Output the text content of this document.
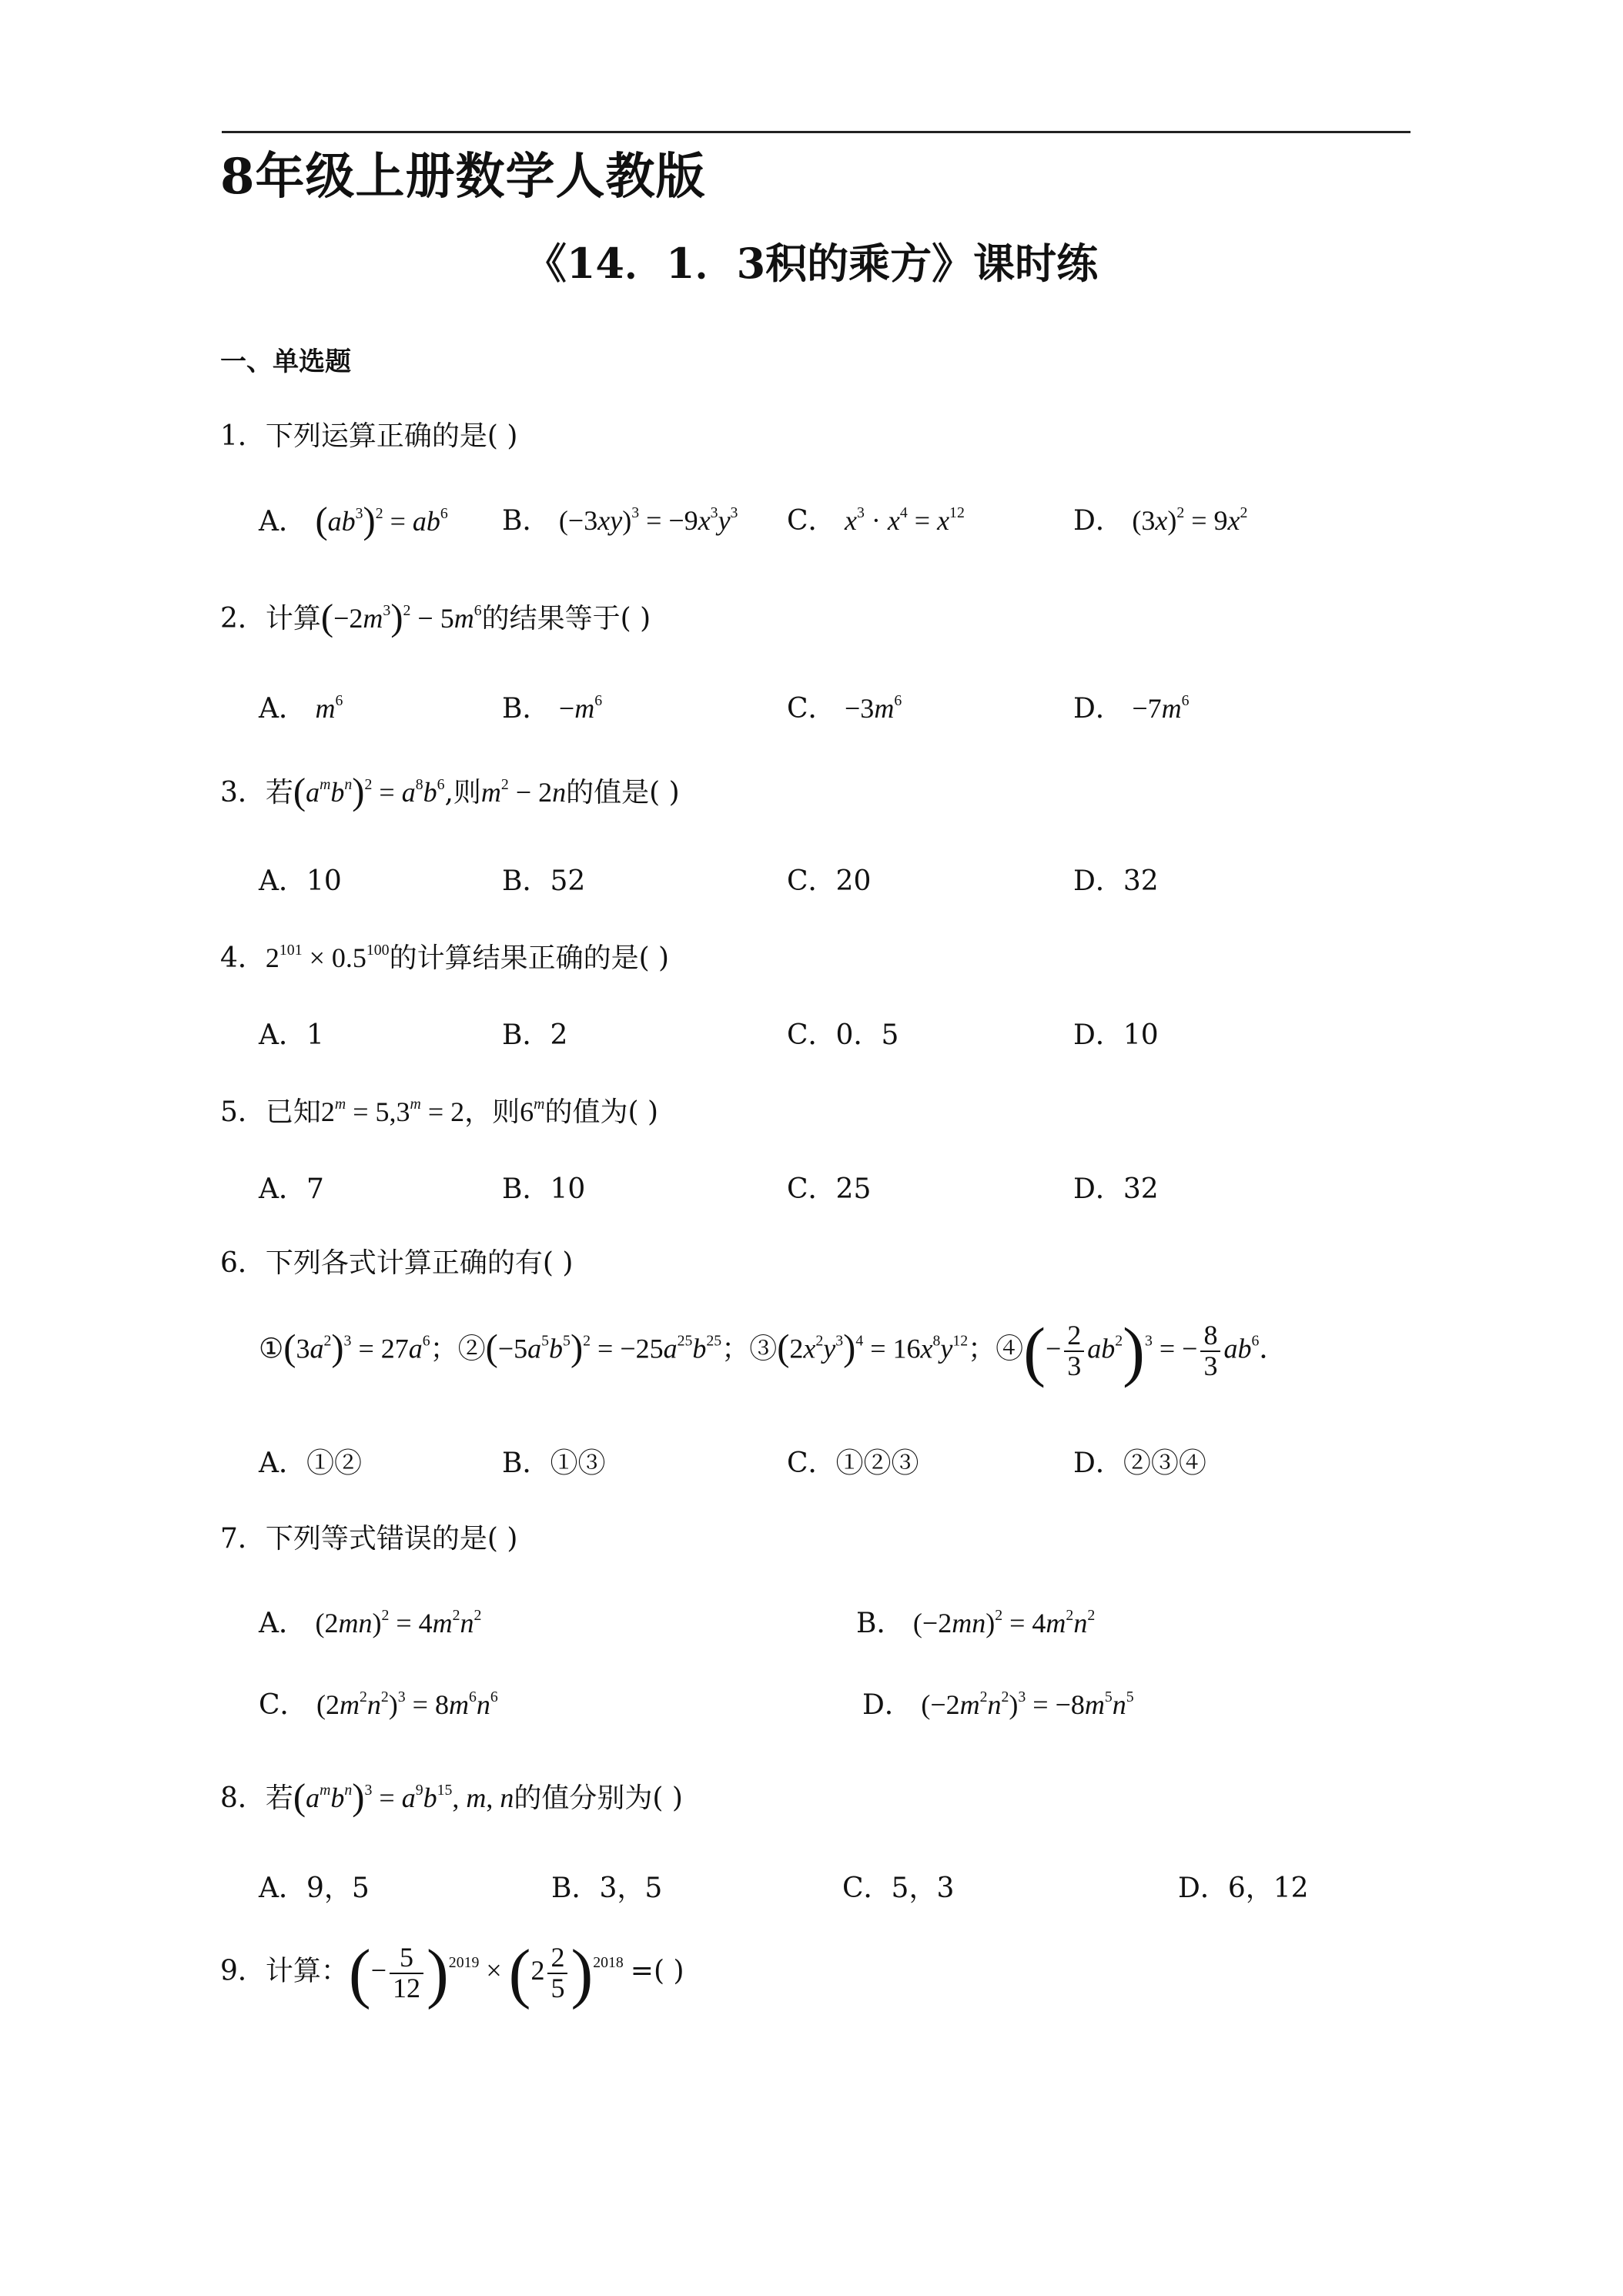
8年级上册数学人教版
《14．1．3积的乘方》课时练
一、单选题
1．下列运算正确的是( )
A． $(ab^3)^2 = ab^6$ B． $(-3xy)^3 = -9x^3y^3$ C． $x^3 \cdot x^4 = x^{12}$	D． $(3x)^2 = 9x^2$
2．计算$(-2m^3)^2 - 5m^6$的结果等于( )
A． $m^6$	B． $-m^6$	C． $-3m^6$	D． $-7m^6$
3．若$(a^mb^n)^2 = a^8b^6$,则$m^2 - 2n$的值是( )
A．10	B．52	C．20	D．32
4．$2^{101} \times 0.5^{100}$的计算结果正确的是( )
A．1	B．2	C．0．5	D．10
5．已知$2^m = 5,3^m = 2$，则6$^m$的值为( )
A．7	B．10	C．25	D．32
6．下列各式计算正确的有( )
$①(3a^2)^3 = 27a^6$；$②(-5a^5b^5)^2 = -25a^{25}b^{25}$；$③(2x^2y^3)^4 = 16x^8y^{12}$；④(− $\frac{2}{3} ab^2)^3$ = − $\frac{8}{3} ab^6$．
A．①②	B．①③	C．①②③	D．②③④
7．下列等式错误的是( )
A． $(2mn)^2 = 4m^2n^2$	B． $(-2mn)^2 = 4m^2n^2$
C． $(2m^2n^2)^3 = 8m^6n^6$	D． $(-2m^2n^2)^3 = -8m^5n^5$
8．若$(a^mb^n)^3 = a^9b^{15}$, m, n的值分别为( )
A．9，5	B．3，5	C．5，3	D．6，12
9．计算：(− $\frac{5}{12} )^{2019} \times (2 \frac{2}{5} )^{2018}$ =( )
